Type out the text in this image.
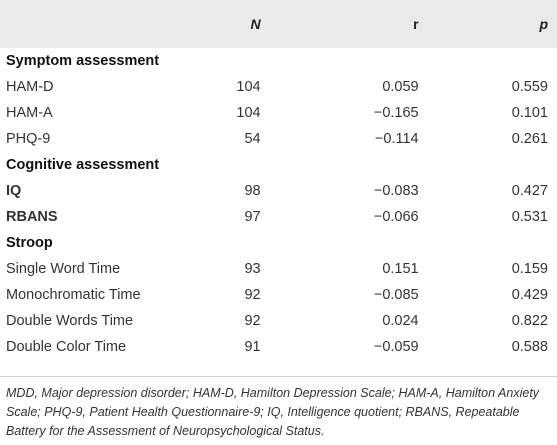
	N	r	p
Symptom assessment			
HAM-D	104	0.059	0.559
HAM-A	104	−0.165	0.101
PHQ-9	54	−0.114	0.261
Cognitive assessment			
IQ	98	−0.083	0.427
RBANS	97	−0.066	0.531
Stroop			
Single Word Time	93	0.151	0.159
Monochromatic Time	92	−0.085	0.429
Double Words Time	92	0.024	0.822
Double Color Time	91	−0.059	0.588
MDD, Major depression disorder; HAM-D, Hamilton Depression Scale; HAM-A, Hamilton Anxiety Scale; PHQ-9, Patient Health Questionnaire-9; IQ, Intelligence quotient; RBANS, Repeatable Battery for the Assessment of Neuropsychological Status.
